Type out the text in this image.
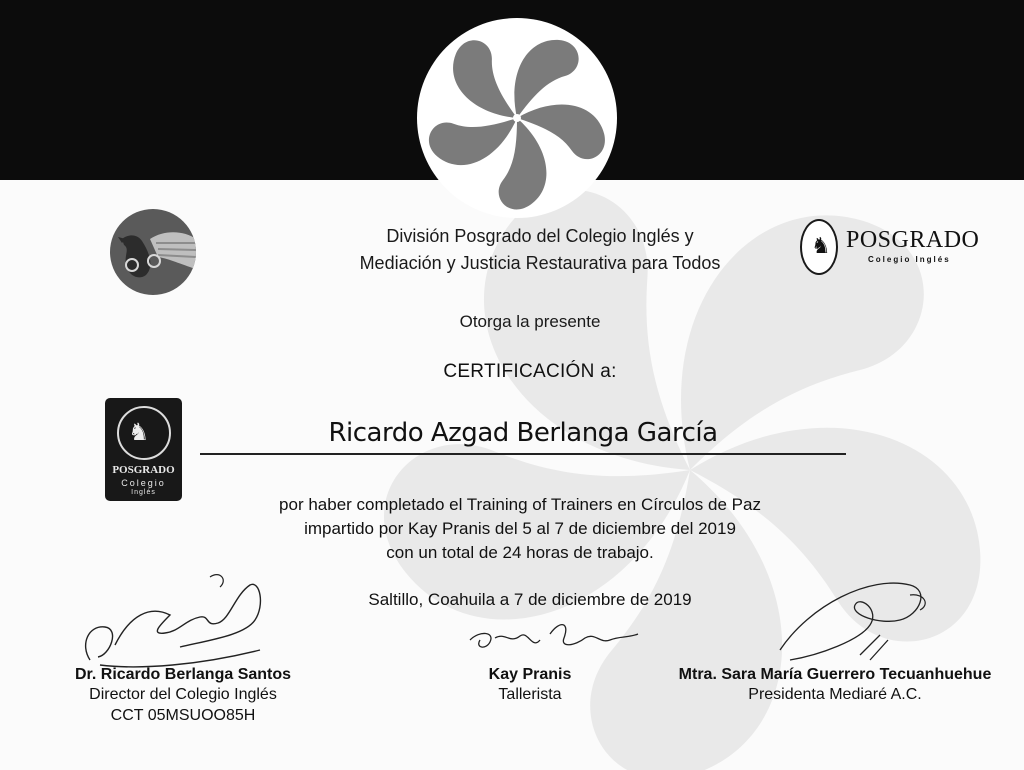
División Posgrado del Colegio Inglés y
Mediación y Justicia Restaurativa para Todos
♞ POSGRADO
Colegio Inglés
Otorga la presente
CERTIFICACIÓN a:
♞
POSGRADO
Colegio
Inglés
Ricardo Azgad Berlanga García
por haber completado el Training of Trainers en Círculos de Paz
impartido por Kay Pranis del 5 al 7 de diciembre del 2019
con un total de 24 horas de trabajo.
Saltillo, Coahuila a 7 de diciembre de 2019
Dr. Ricardo Berlanga Santos
Director del Colegio Inglés
CCT 05MSUOO85H
Kay Pranis
Tallerista
Mtra. Sara María Guerrero Tecuanhuehue
Presidenta Mediaré A.C.
